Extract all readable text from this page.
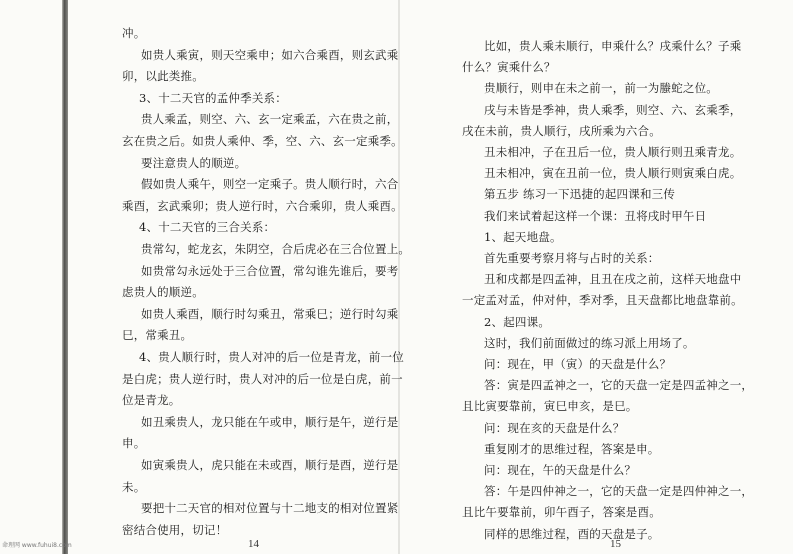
冲。
如贵人乘寅，则天空乘申；如六合乘酉，则玄武乘
卯，以此类推。
3、十二天官的孟仲季关系：
贵人乘孟，则空、六、玄一定乘孟，六在贵之前，
玄在贵之后。如贵人乘仲、季，空、六、玄一定乘季。
要注意贵人的顺逆。
假如贵人乘午，则空一定乘子。贵人顺行时，六合
乘酉，玄武乘卯；贵人逆行时，六合乘卯，贵人乘酉。
4、十二天官的三合关系：
贵常勾，蛇龙玄，朱阴空，合后虎必在三合位置上。
如贵常勾永远处于三合位置，常勾谁先谁后，要考
虑贵人的顺逆。
如贵人乘酉，顺行时勾乘丑，常乘巳；逆行时勾乘
巳，常乘丑。
4、贵人顺行时，贵人对冲的后一位是青龙，前一位
是白虎；贵人逆行时，贵人对冲的后一位是白虎，前一
位是青龙。
如丑乘贵人，龙只能在午或申，顺行是午，逆行是
申。
如寅乘贵人，虎只能在未或酉，顺行是酉，逆行是
未。
要把十二天官的相对位置与十二地支的相对位置紧
密结合使用，切记！
14
比如，贵人乘未顺行，申乘什么？戌乘什么？子乘
什么？寅乘什么？
贵顺行，则申在未之前一，前一为螣蛇之位。
戌与未皆是季神，贵人乘季，则空、六、玄乘季，
戌在未前，贵人顺行，戌所乘为六合。
丑未相冲，子在丑后一位，贵人顺行则丑乘青龙。
丑未相冲，寅在丑前一位，贵人顺行则寅乘白虎。
第五步 练习一下迅捷的起四课和三传
我们来试着起这样一个课：丑将戌时甲午日
1、起天地盘。
首先重要考察月将与占时的关系：
丑和戌都是四孟神，且丑在戌之前，这样天地盘中
一定孟对孟，仲对仲，季对季，且天盘都比地盘靠前。
2、起四课。
这时，我们前面做过的练习派上用场了。
问：现在，甲（寅）的天盘是什么？
答：寅是四孟神之一，它的天盘一定是四孟神之一，
且比寅要靠前，寅巳申亥，是巳。
问：现在亥的天盘是什么？
重复刚才的思维过程，答案是申。
问：现在，午的天盘是什么？
答：午是四仲神之一，它的天盘一定是四仲神之一，
且比午要靠前，卯午酉子，答案是酉。
同样的思维过程，酉的天盘是子。
15
命理网 www.fuhui8.com
